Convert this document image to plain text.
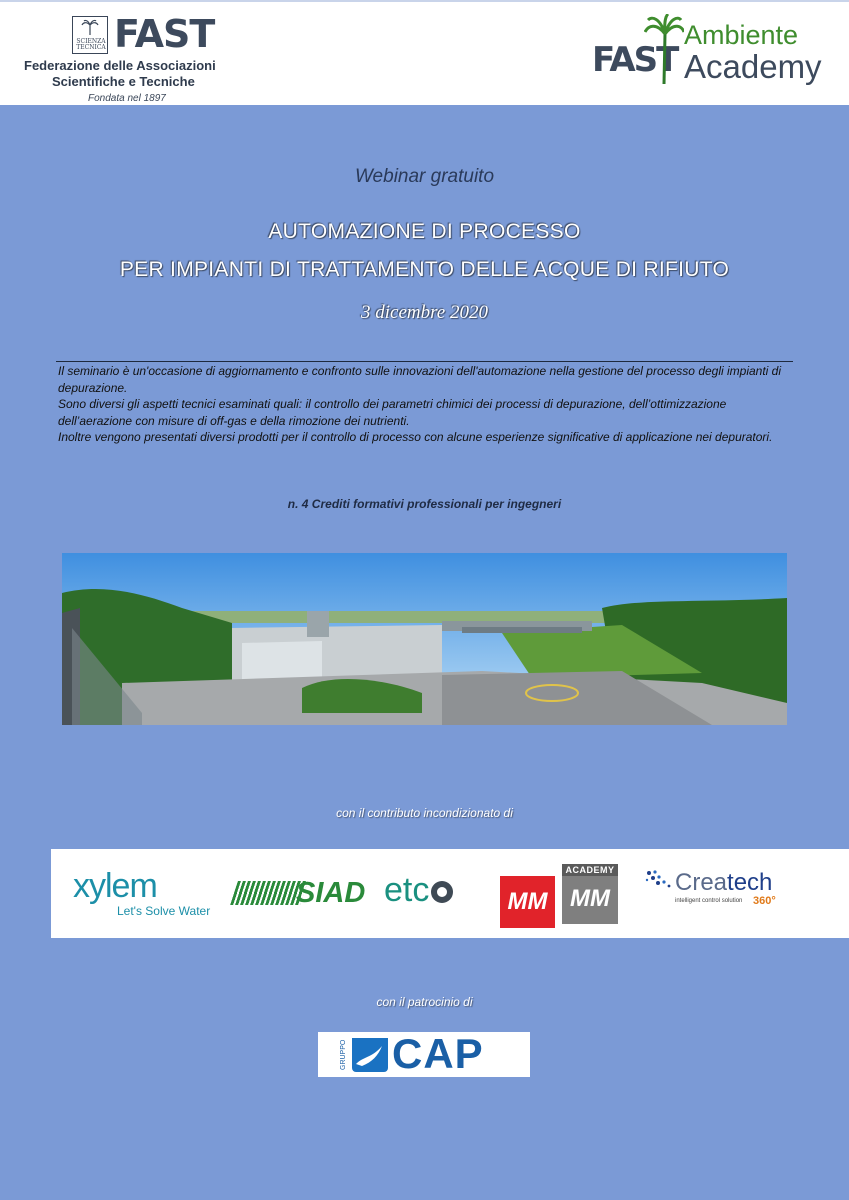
SCIENZA TECNICA FAST
Federazione delle Associazioni
Scientifiche e Tecniche
Fondata nel 1897
FAST
Ambiente
Academy
Webinar gratuito
AUTOMAZIONE DI PROCESSO
PER IMPIANTI DI TRATTAMENTO DELLE ACQUE DI RIFIUTO
3 dicembre 2020

Il seminario è un'occasione di aggiornamento e confronto sulle innovazioni dell'automazione nella gestione del processo degli impianti di depurazione.

Sono diversi gli aspetti tecnici esaminati quali: il controllo dei parametri chimici dei processi di depurazione, dell’ottimizzazione dell’aerazione con misure di off-gas e della rimozione dei nutrienti.

Inoltre vengono presentati diversi prodotti per il controllo di processo con alcune esperienze significative di applicazione nei depuratori.

n. 4 Crediti formativi professionali per ingegneri
con il contributo incondizionato di
xylem
Let's Solve Water
SIAD etc	MM
ACADEMY
MM
Createch
intelligent control solution 360°
con il patrocinio di
GRUPPO CAP
